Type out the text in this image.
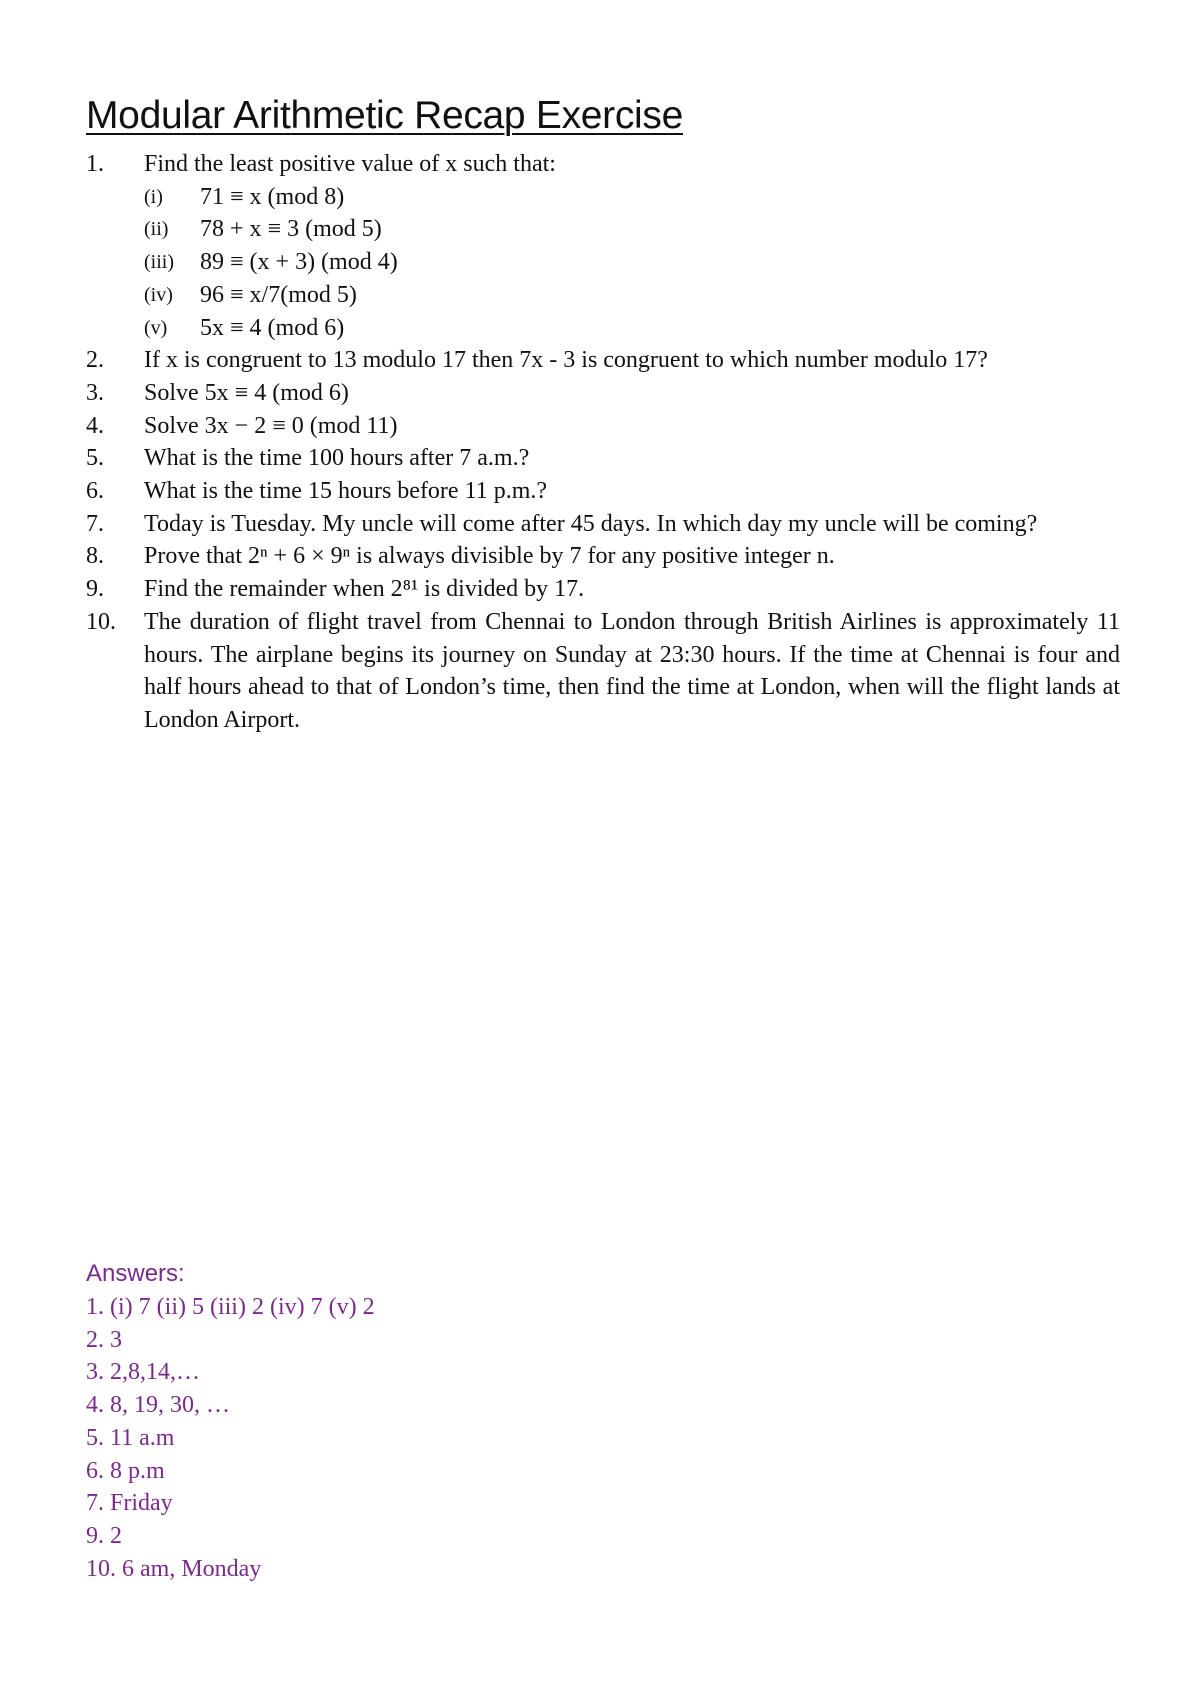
Modular Arithmetic Recap Exercise
1.	Find the least positive value of x such that:
(i) 71 ≡ x (mod 8)
(ii) 78 + x ≡ 3 (mod 5)
(iii) 89 ≡ (x + 3) (mod 4)
(iv) 96 ≡ x/7(mod 5)
(v) 5x ≡ 4 (mod 6)
2.	If x is congruent to 13 modulo 17 then 7x - 3 is congruent to which number modulo 17?
3.	Solve 5x ≡ 4 (mod 6)
4.	Solve 3x − 2 ≡ 0 (mod 11)
5.	What is the time 100 hours after 7 a.m.?
6.	What is the time 15 hours before 11 p.m.?
7.	Today is Tuesday. My uncle will come after 45 days. In which day my uncle will be coming?
8.	Prove that 2ⁿ + 6 × 9ⁿ is always divisible by 7 for any positive integer n.
9.	Find the remainder when 2⁸¹ is divided by 17.
10.	The duration of flight travel from Chennai to London through British Airlines is approximately 11 hours. The airplane begins its journey on Sunday at 23:30 hours. If the time at Chennai is four and half hours ahead to that of London’s time, then find the time at London, when will the flight lands at London Airport.
Answers:
1. (i) 7 (ii) 5 (iii) 2 (iv) 7 (v) 2
2. 3
3. 2,8,14,…
4. 8, 19, 30, …
5. 11 a.m
6. 8 p.m
7. Friday
9. 2
10. 6 am, Monday
